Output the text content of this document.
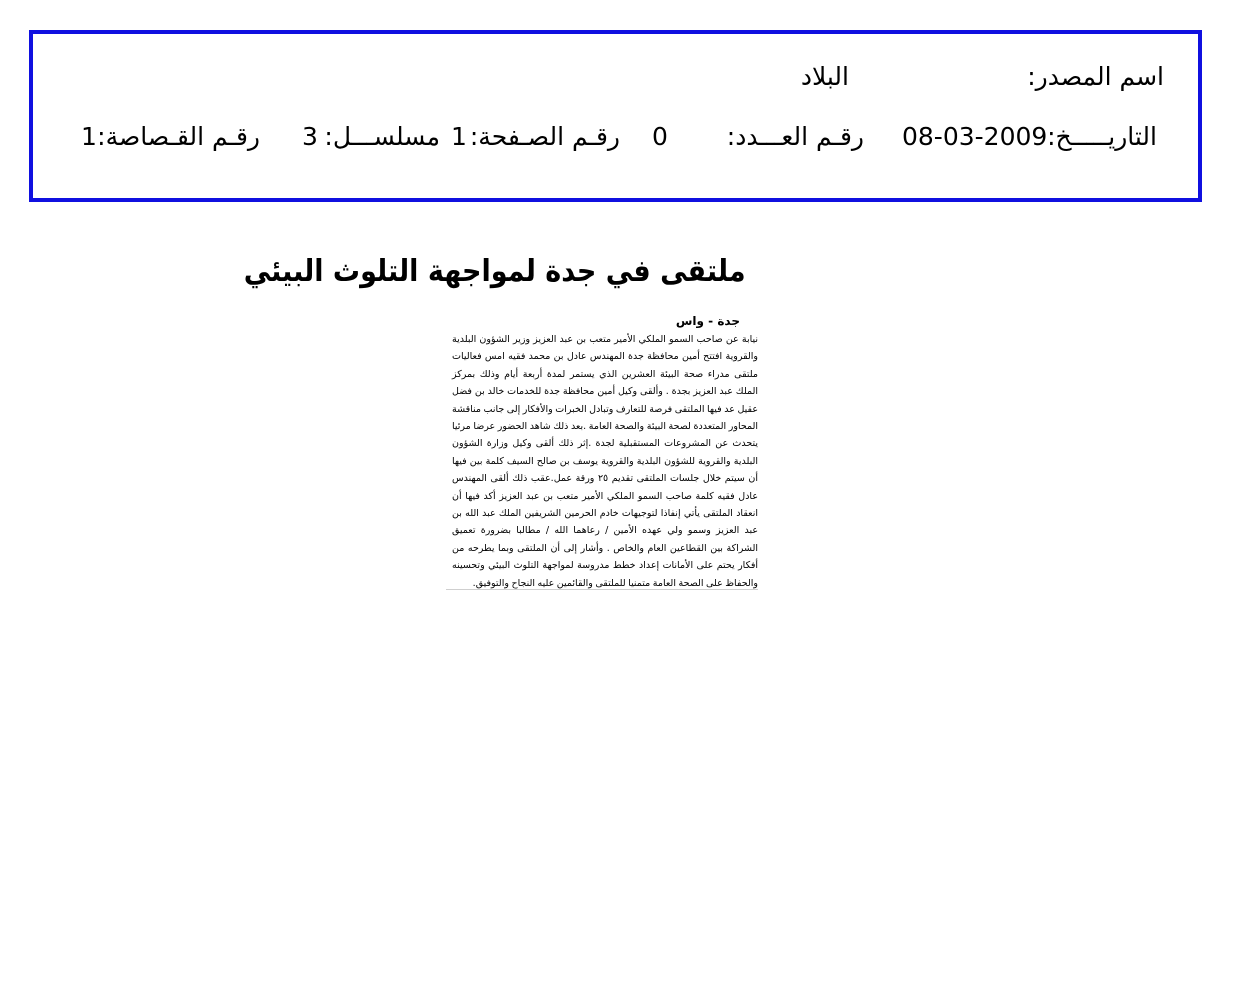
اسم المصدر:
البلاد
التاريـــــخ:
08-03-2009
رقـم العـــدد:
0
رقـم الصـفحة:
1
مسلســـل:
3
رقـم القـصاصة:
1
ملتقى في جدة لمواجهة التلوث البيئي
جدة - واس
نيابة عن صاحب السمو الملكي الأمير متعب بن عبد العزيز وزير الشؤون البلدية والقروية افتتح أمين محافظة جدة المهندس عادل بن محمد فقيه امس فعاليات ملتقى مدراء صحة البيئة العشرين الذي يستمر لمدة أربعة أيام وذلك بمركز الملك عبد العزيز بجدة . وألقى وكيل أمين محافظة جدة للخدمات خالد بن فضل عقيل عد فيها الملتقى فرصة للتعارف وتبادل الخبرات والأفكار إلى جانب مناقشة المحاور المتعددة لصحة البيئة والصحة العامة .بعد ذلك شاهد الحضور عرضا مرئيا يتحدث عن المشروعات المستقبلية لجدة .إثر ذلك ألقى وكيل وزارة الشؤون البلدية والقروية للشؤون البلدية والقروية يوسف بن صالح السيف كلمة بين فيها أن سيتم خلال جلسات الملتقى تقديم ٢٥ ورقة عمل.عقب ذلك ألقى المهندس عادل فقيه كلمة صاحب السمو الملكي الأمير متعب بن عبد العزيز أكد فيها أن انعقاد الملتقى يأتي إنفاذا لتوجيهات خادم الحرمين الشريفين الملك عبد الله بن عبد العزيز وسمو ولي عهده الأمين / رعاهما الله / مطالبا بضرورة تعميق الشراكة بين القطاعين العام والخاص . وأشار إلى أن الملتقى وبما يطرحه من أفكار يحتم على الأمانات إعداد خطط مدروسة لمواجهة التلوث البيئي وتحسينه والحفاظ على الصحة العامة متمنيا للملتقى والقائمين عليه النجاح والتوفيق.
